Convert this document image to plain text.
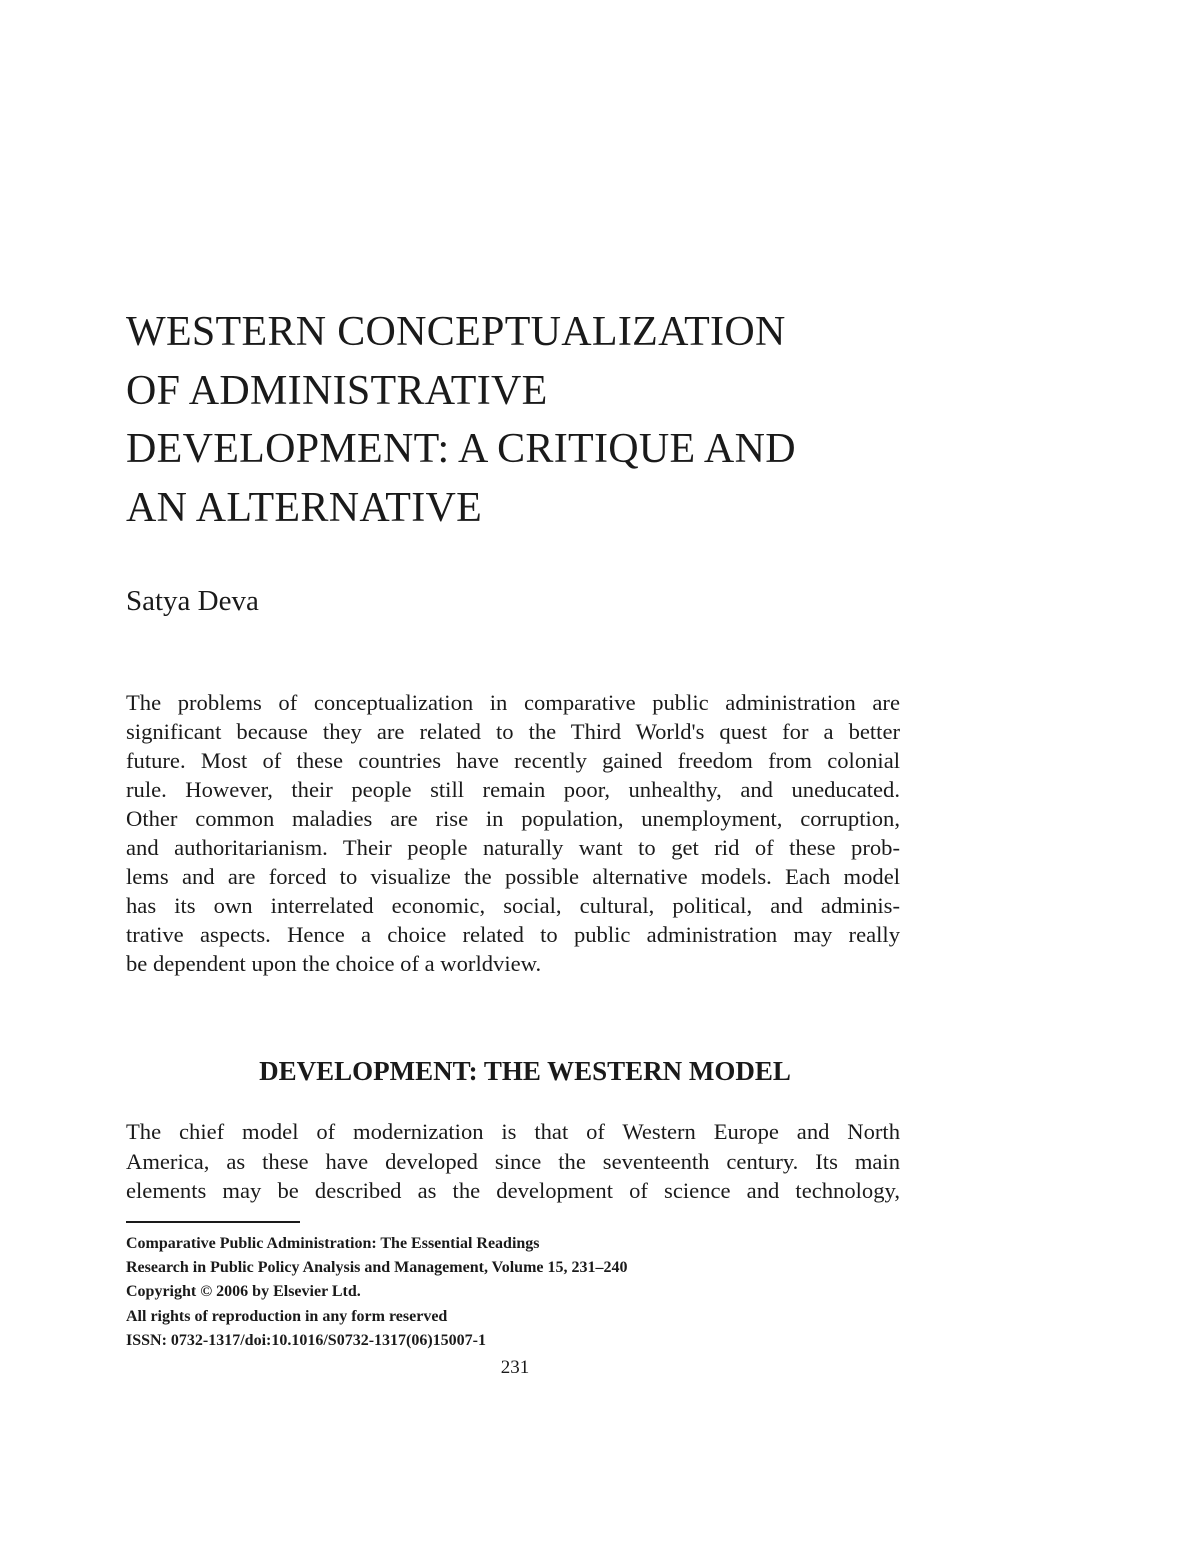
WESTERN CONCEPTUALIZATION
OF ADMINISTRATIVE
DEVELOPMENT: A CRITIQUE AND
AN ALTERNATIVE

Satya Deva

The problems of conceptualization in comparative public administration are
significant because they are related to the Third World's quest for a better
future. Most of these countries have recently gained freedom from colonial
rule. However, their people still remain poor, unhealthy, and uneducated.
Other common maladies are rise in population, unemployment, corruption,
and authoritarianism. Their people naturally want to get rid of these prob-
lems and are forced to visualize the possible alternative models. Each model
has its own interrelated economic, social, cultural, political, and adminis-
trative aspects. Hence a choice related to public administration may really
be dependent upon the choice of a worldview.
DEVELOPMENT: THE WESTERN MODEL
The chief model of modernization is that of Western Europe and North
America, as these have developed since the seventeenth century. Its main
elements may be described as the development of science and technology,
Comparative Public Administration: The Essential Readings
Research in Public Policy Analysis and Management, Volume 15, 231–240
Copyright © 2006 by Elsevier Ltd.
All rights of reproduction in any form reserved
ISSN: 0732-1317/doi:10.1016/S0732-1317(06)15007-1
231
